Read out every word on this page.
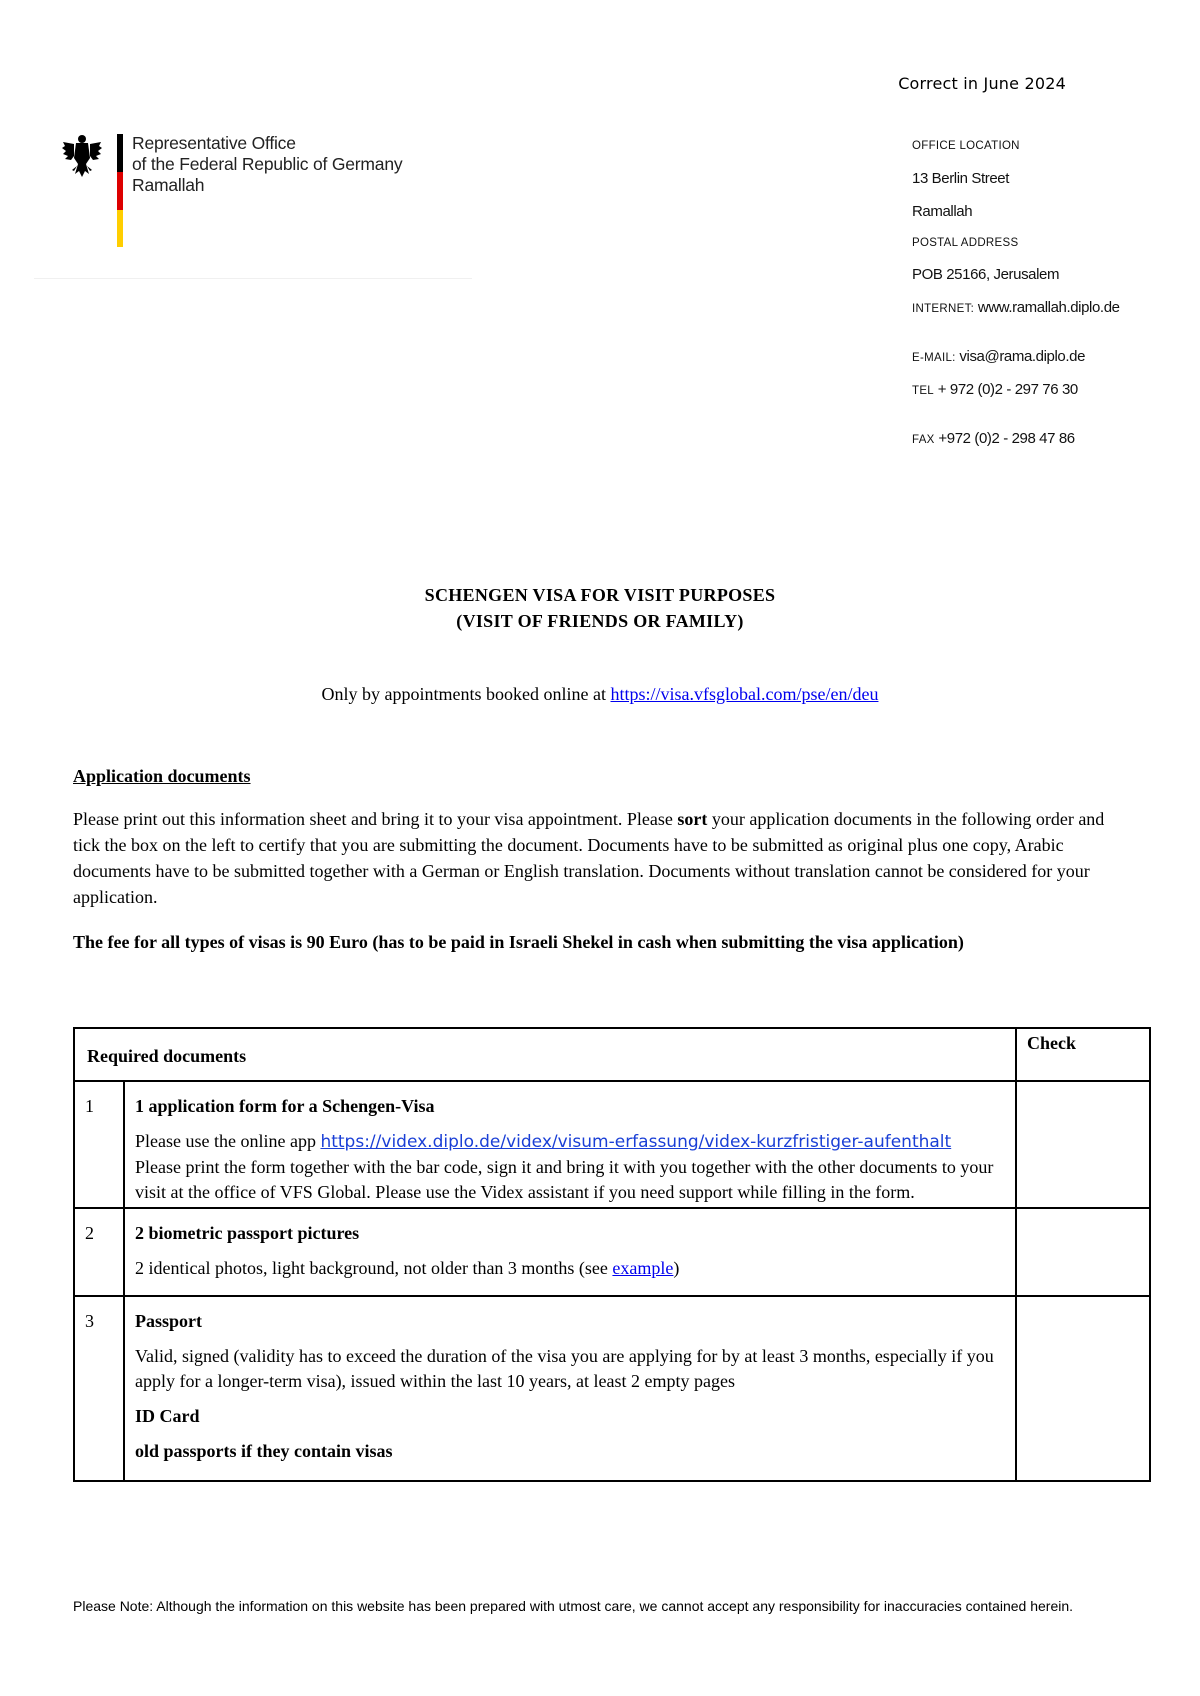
Correct in June 2024
Representative Office
of the Federal Republic of Germany
Ramallah
OFFICE LOCATION
13 Berlin Street
Ramallah
POSTAL ADDRESS
POB 25166, Jerusalem
INTERNET: www.ramallah.diplo.de
E-MAIL: visa@rama.diplo.de
TEL + 972 (0)2 - 297 76 30
FAX +972 (0)2 - 298 47 86
SCHENGEN VISA FOR VISIT PURPOSES
(VISIT OF FRIENDS OR FAMILY)
Only by appointments booked online at https://visa.vfsglobal.com/pse/en/deu
Application documents
Please print out this information sheet and bring it to your visa appointment. Please sort your application documents in the following order and tick the box on the left to certify that you are submitting the document. Documents have to be submitted as original plus one copy, Arabic documents have to be submitted together with a German or English translation. Documents without translation cannot be considered for your application.
The fee for all types of visas is 90 Euro (has to be paid in Israeli Shekel in cash when submitting the visa application)
Required documents		Check
1	1 application form for a Schengen-Visa
Please use the online app https://videx.diplo.de/videx/visum-erfassung/videx-kurzfristiger-aufenthalt
Please print the form together with the bar code, sign it and bring it with you together with the other documents to your visit at the office of VFS Global. Please use the Videx assistant if you need support while filling in the form.	

2	2 biometric passport pictures
2 identical photos, light background, not older than 3 months (see example)	

3	Passport
Valid, signed (validity has to exceed the duration of the visa you are applying for by at least 3 months, especially if you apply for a longer-term visa), issued within the last 10 years, at least 2 empty pages
ID Card
old passports if they contain visas	

Please Note: Although the information on this website has been prepared with utmost care, we cannot accept any responsibility for inaccuracies contained herein.
